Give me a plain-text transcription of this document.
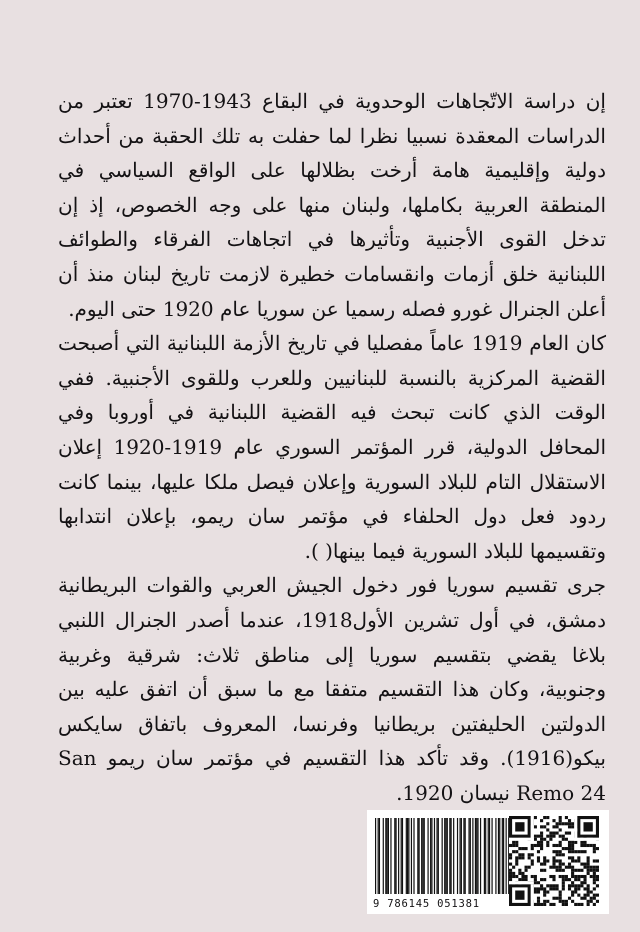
إن دراسة الاتّجاهات الوحدوية في البقاع 1943-1970 تعتبر من الدراسات المعقدة نسبيا نظرا لما حفلت به تلك الحقبة من أحداث دولية وإقليمية هامة أرخت بظلالها على الواقع السياسي في المنطقة العربية بكاملها، ولبنان منها على وجه الخصوص، إذ إن تدخل القوى الأجنبية وتأثيرها في اتجاهات الفرقاء والطوائف اللبنانية خلق أزمات وانقسامات خطيرة لازمت تاريخ لبنان منذ أن أعلن الجنرال غورو فصله رسميا عن سوريا عام 1920 حتى اليوم.

كان العام 1919 عاماً مفصليا في تاريخ الأزمة اللبنانية التي أصبحت القضية المركزية بالنسبة للبنانيين وللعرب وللقوى الأجنبية. ففي الوقت الذي كانت تبحث فيه القضية اللبنانية في أوروبا وفي المحافل الدولية، قرر المؤتمر السوري عام 1919-1920 إعلان الاستقلال التام للبلاد السورية وإعلان فيصل ملكا عليها، بينما كانت ردود فعل دول الحلفاء في مؤتمر سان ريمو، بإعلان انتدابها وتقسيمها للبلاد السورية فيما بينها( ).

جرى تقسيم سوريا فور دخول الجيش العربي والقوات البريطانية دمشق، في أول تشرين الأول1918، عندما أصدر الجنرال اللنبي بلاغا يقضي بتقسيم سوريا إلى مناطق ثلاث: شرقية وغربية وجنوبية، وكان هذا التقسيم متفقا مع ما سبق أن اتفق عليه بين الدولتين الحليفتين بريطانيا وفرنسا، المعروف باتفاق سايكس بيكو(1916). وقد تأكد هذا التقسيم في مؤتمر سان ريمو San Remo 24 نيسان 1920.

9 786145 051381
